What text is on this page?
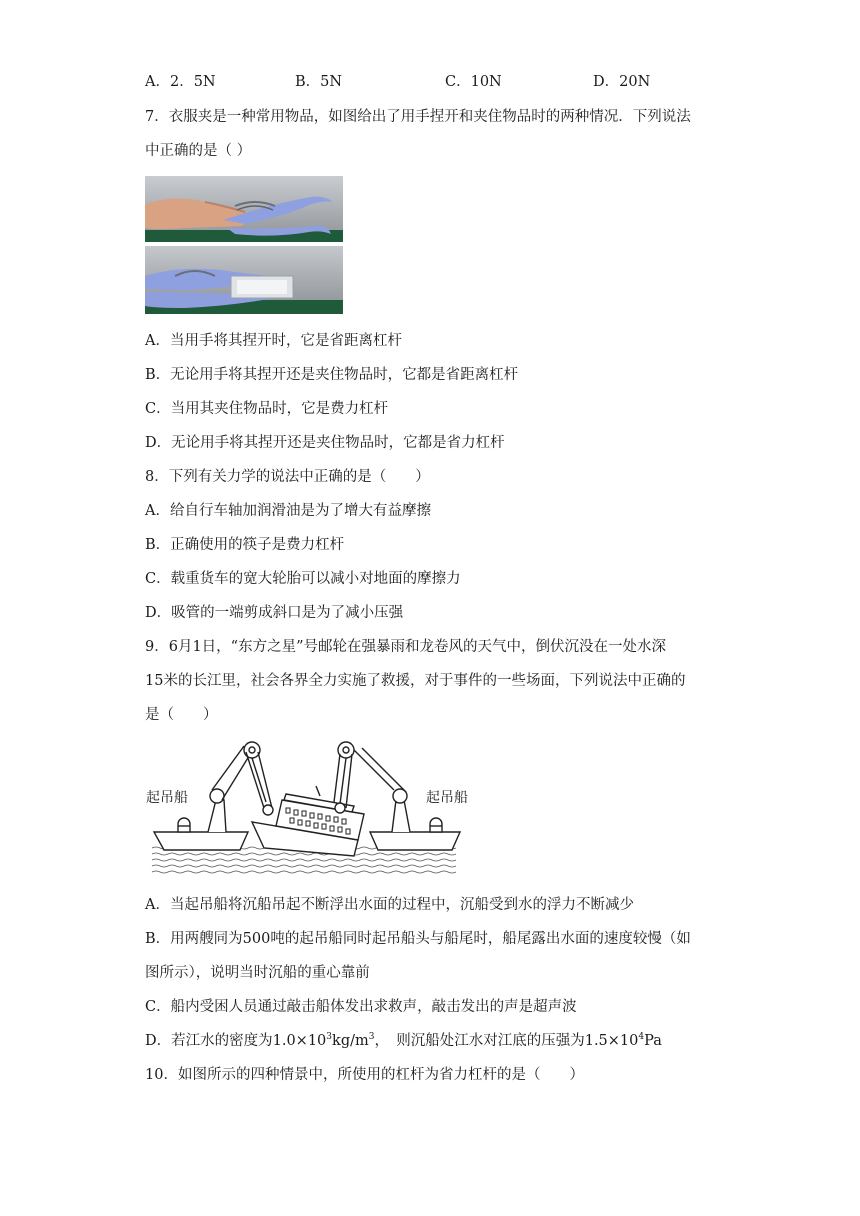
A．2．5N	B．5N	C．10N	D．20N
7．衣服夹是一种常用物品，如图给出了用手捏开和夹住物品时的两种情况．下列说法
中正确的是（ ）
A．当用手将其捏开时，它是省距离杠杆
B．无论用手将其捏开还是夹住物品时，它都是省距离杠杆
C．当用其夹住物品时，它是费力杠杆
D．无论用手将其捏开还是夹住物品时，它都是省力杠杆
8．下列有关力学的说法中正确的是（　　）
A．给自行车轴加润滑油是为了增大有益摩擦
B．正确使用的筷子是费力杠杆
C．载重货车的宽大轮胎可以减小对地面的摩擦力
D．吸管的一端剪成斜口是为了减小压强
9．6月1日，“东方之星”号邮轮在强暴雨和龙卷风的天气中，倒伏沉没在一处水深
15米的长江里，社会各界全力实施了救援，对于事件的一些场面，下列说法中正确的
是（　　）
起吊船	起吊船
A．当起吊船将沉船吊起不断浮出水面的过程中，沉船受到水的浮力不断减少
B．用两艘同为500吨的起吊船同时起吊船头与船尾时，船尾露出水面的速度较慢（如
图所示），说明当时沉船的重心靠前
C．船内受困人员通过敲击船体发出求救声，敲击发出的声是超声波
D．若江水的密度为$1.0\times 10^3kg/m^3$，　则沉船处江水对江底的压强为$1.5\times 10^4Pa$
10．如图所示的四种情景中，所使用的杠杆为省力杠杆的是（　　）
